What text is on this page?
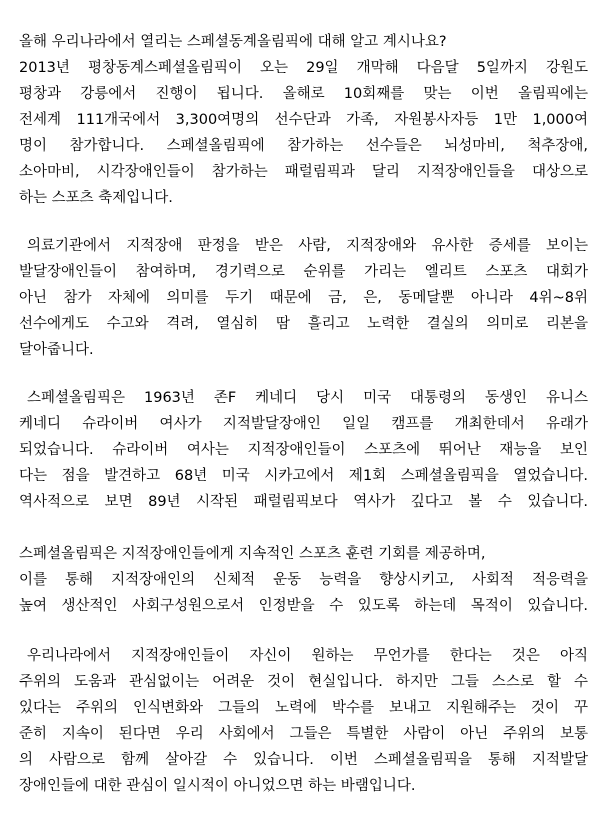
올해 우리나라에서 열리는 스페셜동계올림픽에 대해 알고 계시나요?
2013년 평창동계스페셜올림픽이 오는 29일 개막해 다음달 5일까지 강원도
평창과 강릉에서 진행이 됩니다. 올해로 10회째를 맞는 이번 올림픽에는
전세계 111개국에서 3,300여명의 선수단과 가족, 자원봉사자등 1만 1,000여
명이 참가합니다. 스페셜올림픽에 참가하는 선수들은 뇌성마비, 척추장애,
소아마비, 시각장애인들이 참가하는 패럴림픽과 달리 지적장애인들을 대상으로
하는 스포츠 축제입니다.
의료기관에서 지적장애 판정을 받은 사람, 지적장애와 유사한 증세를 보이는
발달장애인들이 참여하며, 경기력으로 순위를 가리는 엘리트 스포츠 대회가
아닌 참가 자체에 의미를 두기 때문에 금, 은, 동메달뿐 아니라 4위~8위
선수에게도 수고와 격려, 열심히 땀 흘리고 노력한 결실의 의미로 리본을
달아줍니다.
스페셜올림픽은 1963년 존F 케네디 당시 미국 대통령의 동생인 유니스
케네디 슈라이버 여사가 지적발달장애인 일일 캠프를 개최한데서 유래가
되었습니다. 슈라이버 여사는 지적장애인들이 스포츠에 뛰어난 재능을 보인
다는 점을 발견하고 68년 미국 시카고에서 제1회 스페셜올림픽을 열었습니다.
역사적으로 보면 89년 시작된 패럴림픽보다 역사가 깊다고 볼 수 있습니다.
스페셜올림픽은 지적장애인들에게 지속적인 스포츠 훈련 기회를 제공하며,
이를 통해 지적장애인의 신체적 운동 능력을 향상시키고, 사회적 적응력을
높여 생산적인 사회구성원으로서 인정받을 수 있도록 하는데 목적이 있습니다.
우리나라에서 지적장애인들이 자신이 원하는 무언가를 한다는 것은 아직
주위의 도움과 관심없이는 어려운 것이 현실입니다. 하지만 그들 스스로 할 수
있다는 주위의 인식변화와 그들의 노력에 박수를 보내고 지원해주는 것이 꾸
준히 지속이 된다면 우리 사회에서 그들은 특별한 사람이 아닌 주위의 보통
의 사람으로 함께 살아갈 수 있습니다. 이번 스페셜올림픽을 통해 지적발달
장애인들에 대한 관심이 일시적이 아니었으면 하는 바램입니다.
